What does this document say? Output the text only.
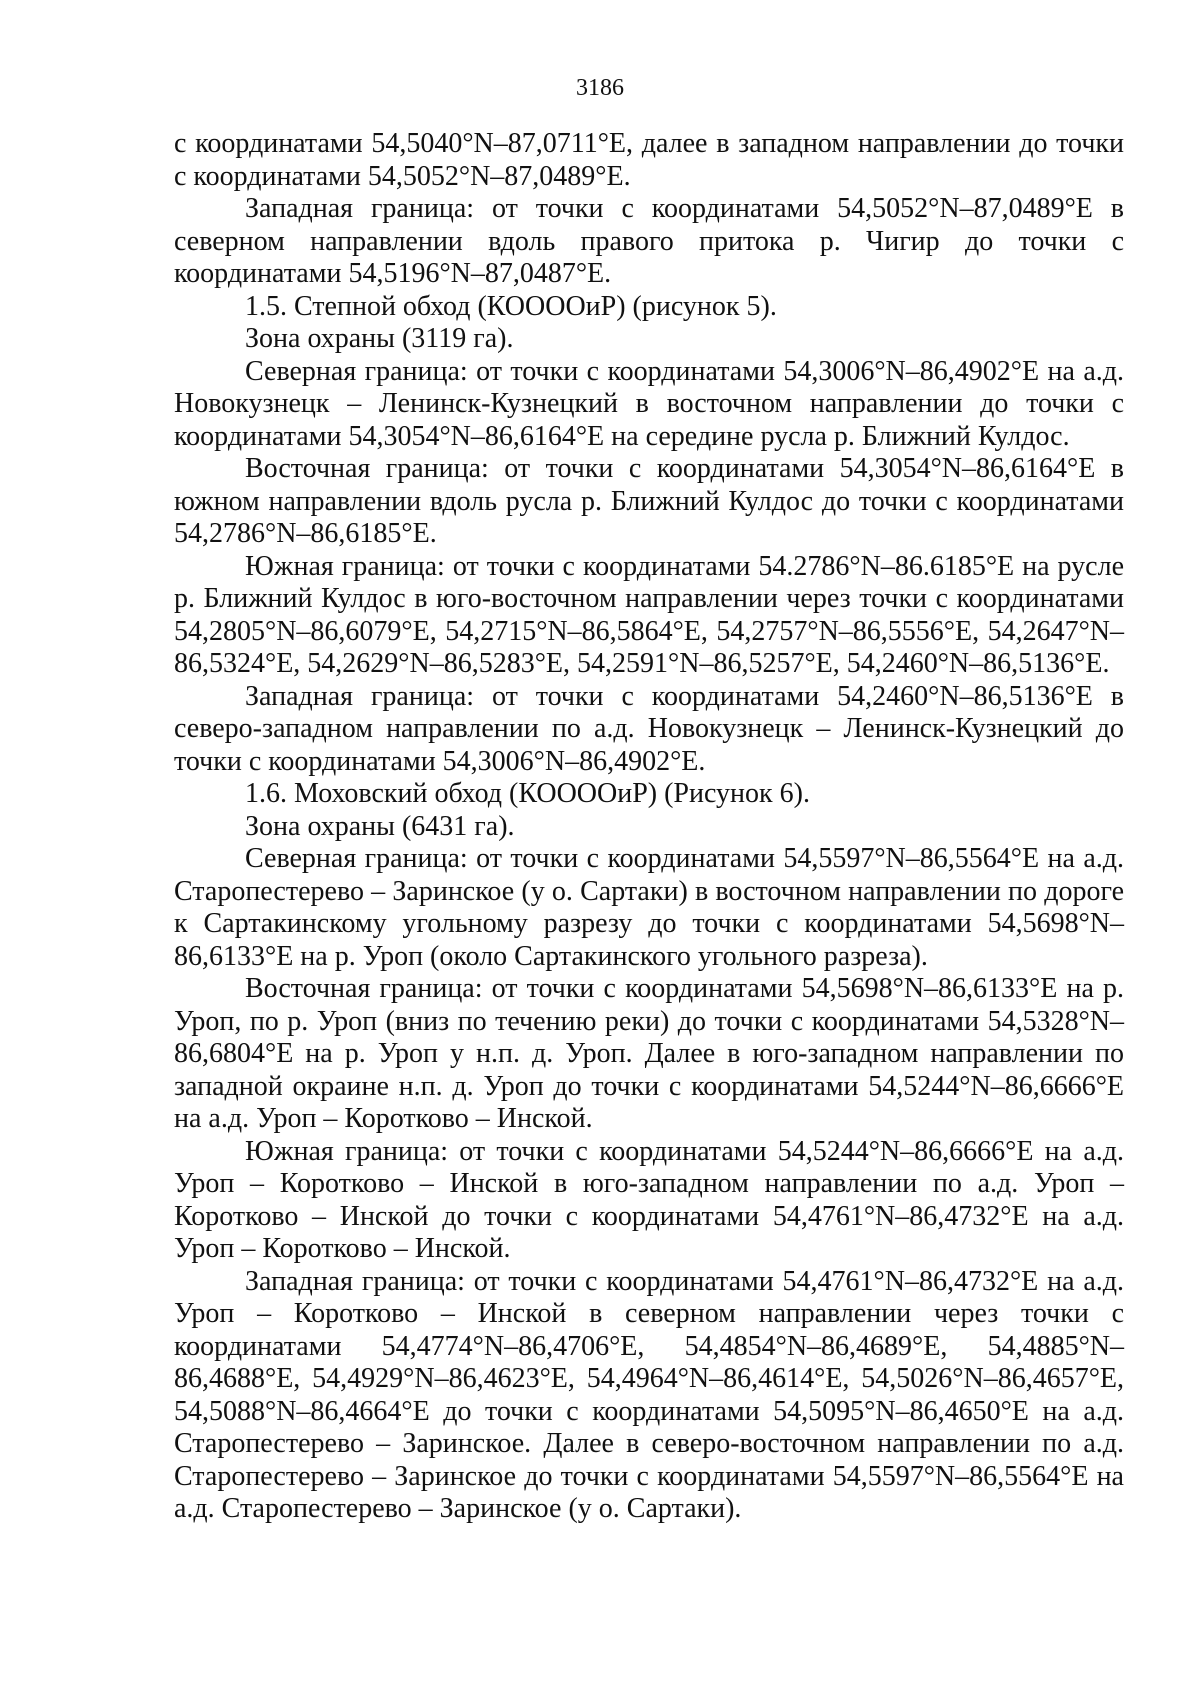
3186

с координатами 54,5040°N–87,0711°E, далее в западном направлении до точки с координатами 54,5052°N–87,0489°E.

Западная граница: от точки с координатами 54,5052°N–87,0489°E в северном направлении вдоль правого притока р. Чигир до точки с координатами 54,5196°N–87,0487°E.

1.5. Степной обход (КОООOиР) (рисунок 5).

Зона охраны (3119 га).

Северная граница: от точки с координатами 54,3006°N–86,4902°E на а.д. Новокузнецк – Ленинск-Кузнецкий в восточном направлении до точки с координатами 54,3054°N–86,6164°E на середине русла р. Ближний Кулдос.

Восточная граница: от точки с координатами 54,3054°N–86,6164°E в южном направлении вдоль русла р. Ближний Кулдос до точки с координатами 54,2786°N–86,6185°E.

Южная граница: от точки с координатами 54.2786°N–86.6185°E на русле р. Ближний Кулдос в юго-восточном направлении через точки с координатами 54,2805°N–86,6079°E, 54,2715°N–86,5864°E, 54,2757°N–86,5556°E, 54,2647°N–86,5324°E, 54,2629°N–86,5283°E, 54,2591°N–86,5257°E, 54,2460°N–86,5136°E.

Западная граница: от точки с координатами 54,2460°N–86,5136°E в северо-западном направлении по а.д. Новокузнецк – Ленинск-Кузнецкий до точки с координатами 54,3006°N–86,4902°E.

1.6. Моховский обход (КОООOиР) (Рисунок 6).

Зона охраны (6431 га).

Северная граница: от точки с координатами 54,5597°N–86,5564°E на а.д. Старопестерево – Заринское (у о. Сартаки) в восточном направлении по дороге к Сартакинскому угольному разрезу до точки с координатами 54,5698°N–86,6133°E на р. Уроп (около Сартакинского угольного разреза).

Восточная граница: от точки с координатами 54,5698°N–86,6133°E на р. Уроп, по р. Уроп (вниз по течению реки) до точки с координатами 54,5328°N–86,6804°E на р. Уроп у н.п. д. Уроп. Далее в юго-западном направлении по западной окраине н.п. д. Уроп до точки с координатами 54,5244°N–86,6666°E на а.д. Уроп – Коротково – Инской.

Южная граница: от точки с координатами 54,5244°N–86,6666°E на а.д. Уроп – Коротково – Инской в юго-западном направлении по а.д. Уроп – Коротково – Инской до точки с координатами 54,4761°N–86,4732°E на а.д. Уроп – Коротково – Инской.

Западная граница: от точки с координатами 54,4761°N–86,4732°E на а.д. Уроп – Коротково – Инской в северном направлении через точки с координатами 54,4774°N–86,4706°E, 54,4854°N–86,4689°E, 54,4885°N–86,4688°E, 54,4929°N–86,4623°E, 54,4964°N–86,4614°E, 54,5026°N–86,4657°E, 54,5088°N–86,4664°E до точки с координатами 54,5095°N–86,4650°E на а.д. Старопестерево – Заринское. Далее в северо-восточном направлении по а.д. Старопестерево – Заринское до точки с координатами 54,5597°N–86,5564°E на а.д. Старопестерево – Заринское (у о. Сартаки).
